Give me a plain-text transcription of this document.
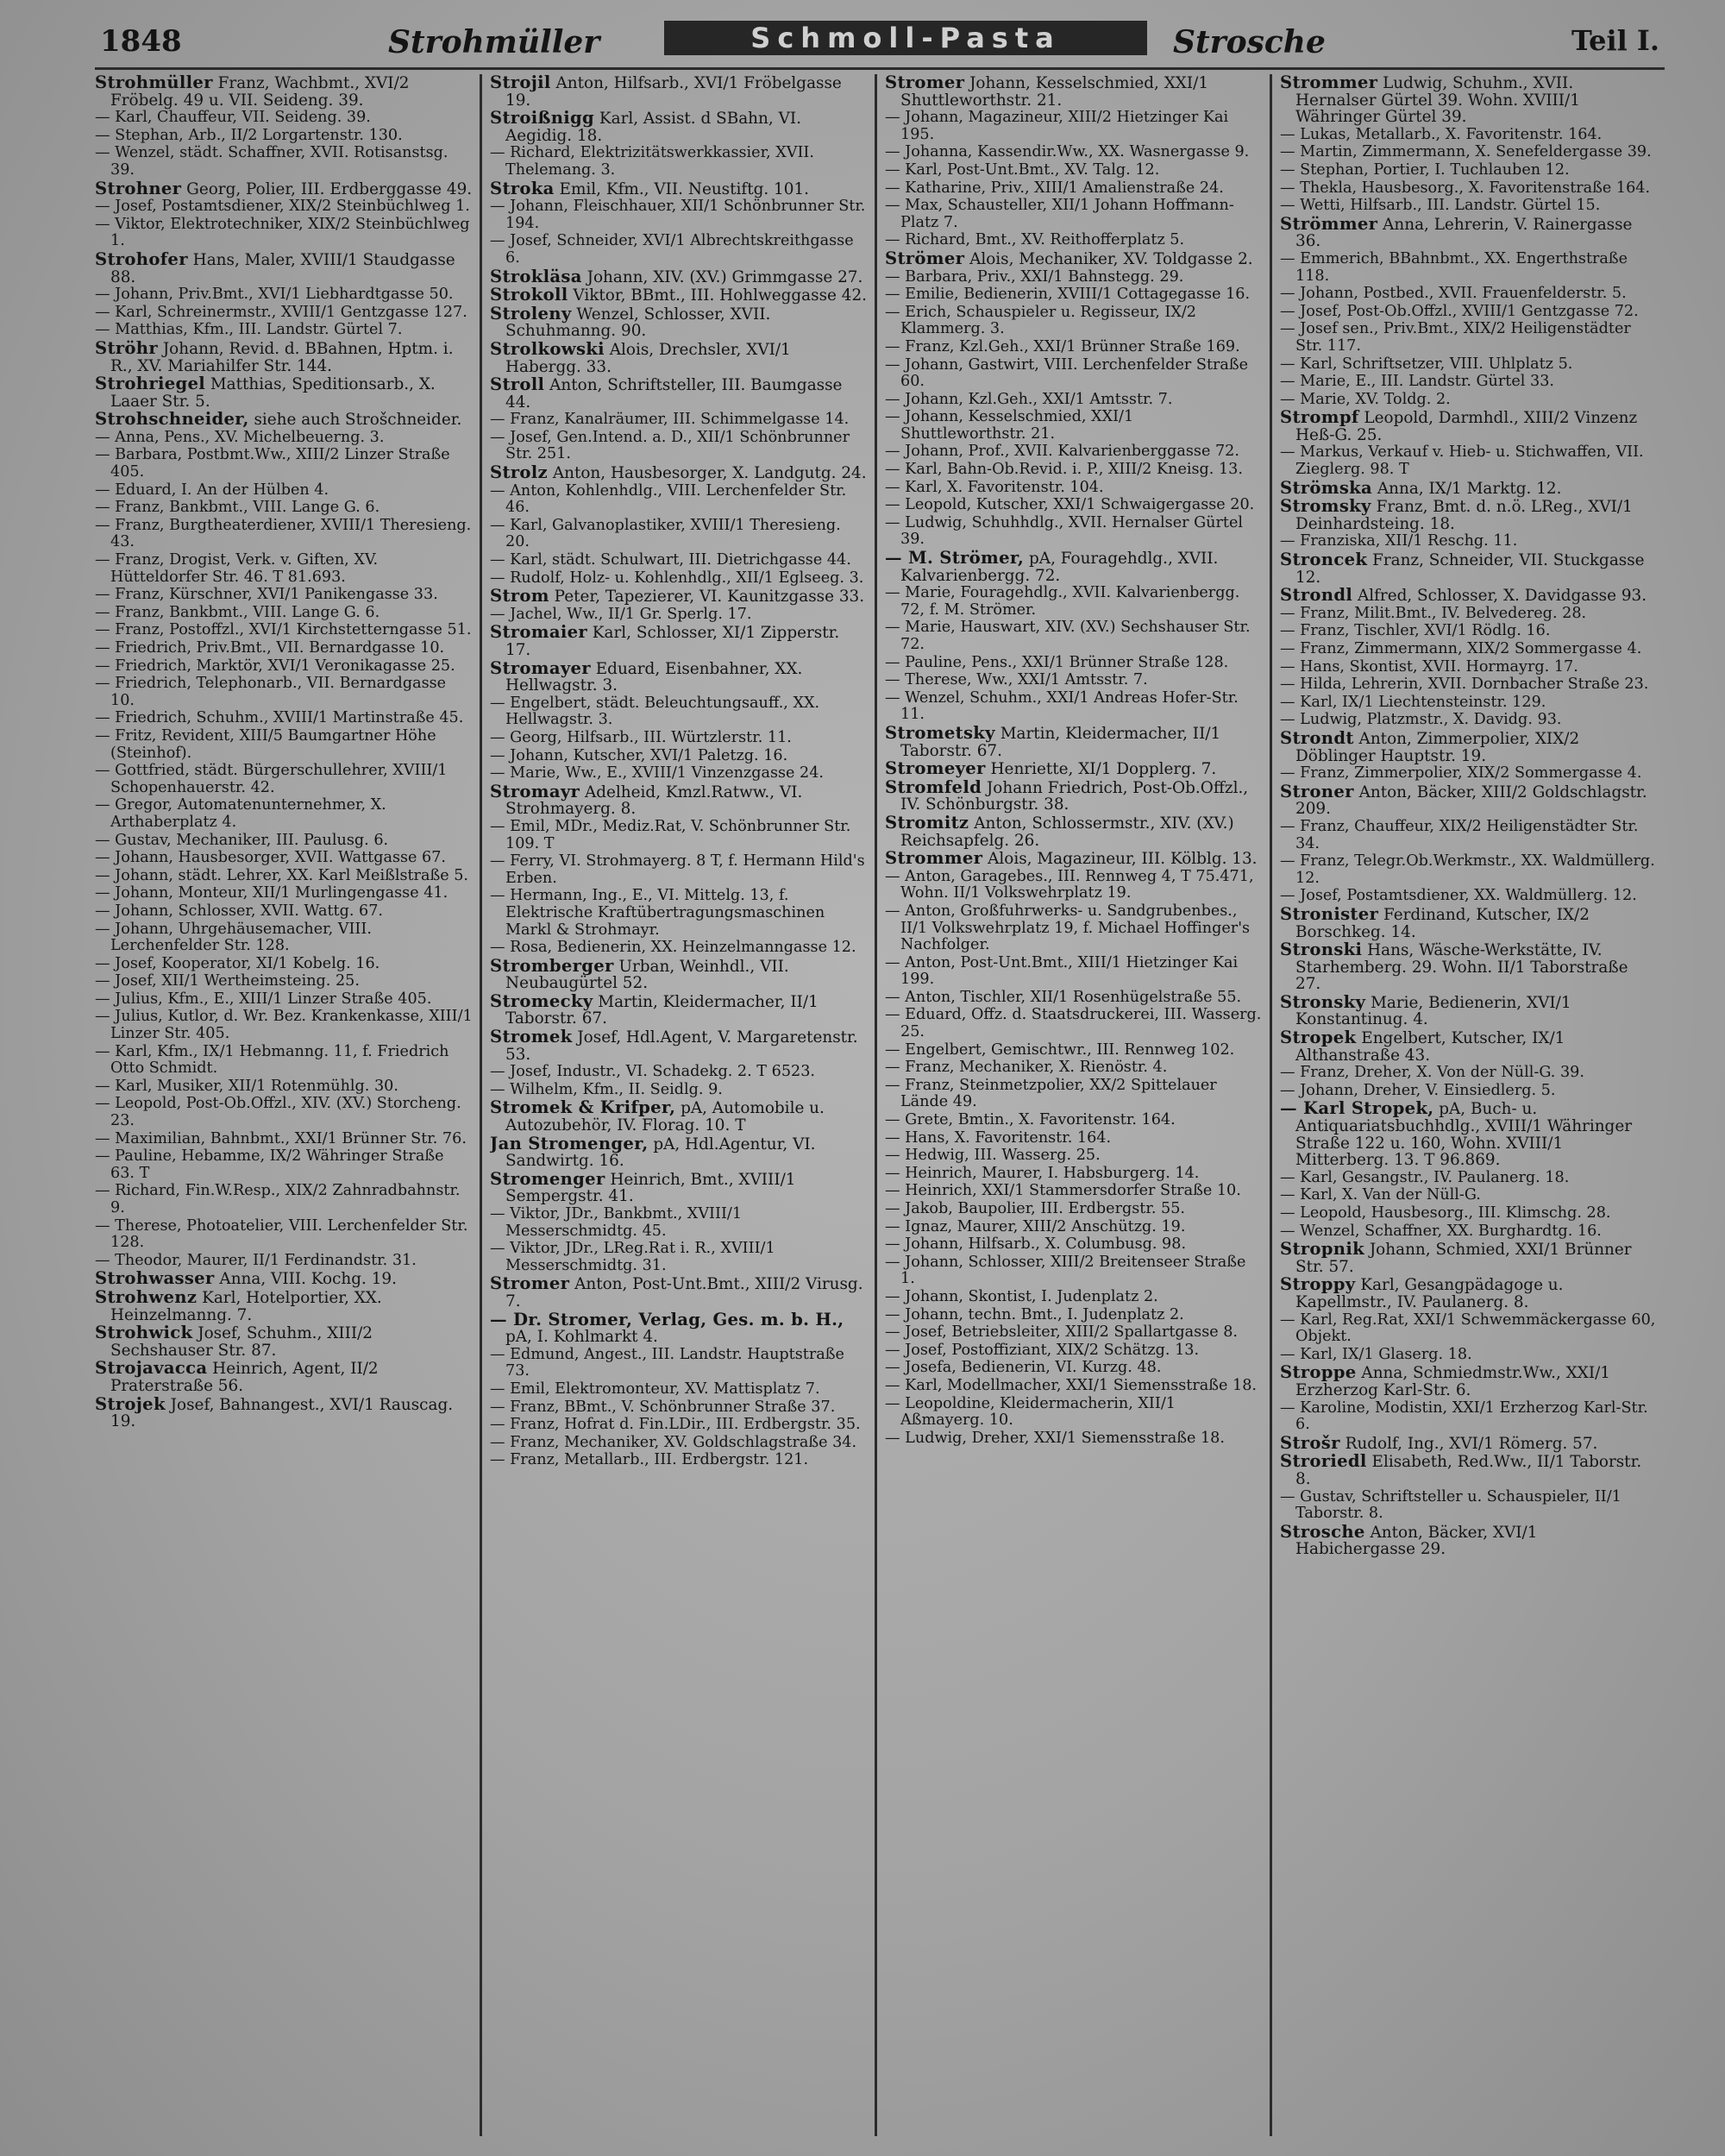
1848	Strohmüller	Schmoll-Pasta	Strosche	Teil I.

Strohmüller Franz, Wachbmt., XVI/2 Fröbelg. 49 u. VII. Seideng. 39.

— Karl, Chauffeur, VII. Seideng. 39.

— Stephan, Arb., II/2 Lorgartenstr. 130.

— Wenzel, städt. Schaffner, XVII. Rotisanstsg. 39.

Strohner Georg, Polier, III. Erdberggasse 49.

— Josef, Postamtsdiener, XIX/2 Steinbüchlweg 1.

— Viktor, Elektrotechniker, XIX/2 Steinbüchlweg 1.

Strohofer Hans, Maler, XVIII/1 Staudgasse 88.

— Johann, Priv.Bmt., XVI/1 Liebhardtgasse 50.

— Karl, Schreinermstr., XVIII/1 Gentzgasse 127.

— Matthias, Kfm., III. Landstr. Gürtel 7.

Ströhr Johann, Revid. d. BBahnen, Hptm. i. R., XV. Mariahilfer Str. 144.

Strohriegel Matthias, Speditionsarb., X. Laaer Str. 5.

Strohschneider, siehe auch Strošchneider.

— Anna, Pens., XV. Michelbeuerng. 3.

— Barbara, Postbmt.Ww., XIII/2 Linzer Straße 405.

— Eduard, I. An der Hülben 4.

— Franz, Bankbmt., VIII. Lange G. 6.

— Franz, Burgtheaterdiener, XVIII/1 Theresieng. 43.

— Franz, Drogist, Verk. v. Giften, XV. Hütteldorfer Str. 46. T 81.693.

— Franz, Kürschner, XVI/1 Panikengasse 33.

— Franz, Bankbmt., VIII. Lange G. 6.

— Franz, Postoffzl., XVI/1 Kirchstetterngasse 51.

— Friedrich, Priv.Bmt., VII. Bernardgasse 10.

— Friedrich, Marktör, XVI/1 Veronikagasse 25.

— Friedrich, Telephonarb., VII. Bernardgasse 10.

— Friedrich, Schuhm., XVIII/1 Martinstraße 45.

— Fritz, Revident, XIII/5 Baumgartner Höhe (Steinhof).

— Gottfried, städt. Bürgerschullehrer, XVIII/1 Schopenhauerstr. 42.

— Gregor, Automatenunternehmer, X. Arthaberplatz 4.

— Gustav, Mechaniker, III. Paulusg. 6.

— Johann, Hausbesorger, XVII. Wattgasse 67.

— Johann, städt. Lehrer, XX. Karl Meißlstraße 5.

— Johann, Monteur, XII/1 Murlingengasse 41.

— Johann, Schlosser, XVII. Wattg. 67.

— Johann, Uhrgehäusemacher, VIII. Lerchenfelder Str. 128.

— Josef, Kooperator, XI/1 Kobelg. 16.

— Josef, XII/1 Wertheimsteing. 25.

— Julius, Kfm., E., XIII/1 Linzer Straße 405.

— Julius, Kutlor, d. Wr. Bez. Krankenkasse, XIII/1 Linzer Str. 405.

— Karl, Kfm., IX/1 Hebmanng. 11, f. Friedrich Otto Schmidt.

— Karl, Musiker, XII/1 Rotenmühlg. 30.

— Leopold, Post-Ob.Offzl., XIV. (XV.) Storcheng. 23.

— Maximilian, Bahnbmt., XXI/1 Brünner Str. 76.

— Pauline, Hebamme, IX/2 Währinger Straße 63. T

— Richard, Fin.W.Resp., XIX/2 Zahnradbahnstr. 9.

— Therese, Photoatelier, VIII. Lerchenfelder Str. 128.

— Theodor, Maurer, II/1 Ferdinandstr. 31.

Strohwasser Anna, VIII. Kochg. 19.

Strohwenz Karl, Hotelportier, XX. Heinzelmanng. 7.

Strohwick Josef, Schuhm., XIII/2 Sechshauser Str. 87.

Strojavacca Heinrich, Agent, II/2 Praterstraße 56.

Strojek Josef, Bahnangest., XVI/1 Rauscag. 19.

Strojil Anton, Hilfsarb., XVI/1 Fröbelgasse 19.

Stroißnigg Karl, Assist. d SBahn, VI. Aegidig. 18.

— Richard, Elektrizitätswerkkassier, XVII. Thelemang. 3.

Stroka Emil, Kfm., VII. Neustiftg. 101.

— Johann, Fleischhauer, XII/1 Schönbrunner Str. 194.

— Josef, Schneider, XVI/1 Albrechtskreithgasse 6.

Strokläsa Johann, XIV. (XV.) Grimmgasse 27.

Strokoll Viktor, BBmt., III. Hohlweggasse 42.

Stroleny Wenzel, Schlosser, XVII. Schuhmanng. 90.

Strolkowski Alois, Drechsler, XVI/1 Habergg. 33.

Stroll Anton, Schriftsteller, III. Baumgasse 44.

— Franz, Kanalräumer, III. Schimmelgasse 14.

— Josef, Gen.Intend. a. D., XII/1 Schönbrunner Str. 251.

Strolz Anton, Hausbesorger, X. Landgutg. 24.

— Anton, Kohlenhdlg., VIII. Lerchenfelder Str. 46.

— Karl, Galvanoplastiker, XVIII/1 Theresieng. 20.

— Karl, städt. Schulwart, III. Dietrichgasse 44.

— Rudolf, Holz- u. Kohlenhdlg., XII/1 Eglseeg. 3.

Strom Peter, Tapezierer, VI. Kaunitzgasse 33.

— Jachel, Ww., II/1 Gr. Sperlg. 17.

Stromaier Karl, Schlosser, XI/1 Zipperstr. 17.

Stromayer Eduard, Eisenbahner, XX. Hellwagstr. 3.

— Engelbert, städt. Beleuchtungsauff., XX. Hellwagstr. 3.

— Georg, Hilfsarb., III. Würtzlerstr. 11.

— Johann, Kutscher, XVI/1 Paletzg. 16.

— Marie, Ww., E., XVIII/1 Vinzenzgasse 24.

Stromayr Adelheid, Kmzl.Ratww., VI. Strohmayerg. 8.

— Emil, MDr., Mediz.Rat, V. Schönbrunner Str. 109. T

— Ferry, VI. Strohmayerg. 8 T, f. Hermann Hild's Erben.

— Hermann, Ing., E., VI. Mittelg. 13, f. Elektrische Kraftübertragungsmaschinen Markl & Strohmayr.

— Rosa, Bedienerin, XX. Heinzelmanngasse 12.

Stromberger Urban, Weinhdl., VII. Neubaugürtel 52.

Stromecky Martin, Kleidermacher, II/1 Taborstr. 67.

Stromek Josef, Hdl.Agent, V. Margaretenstr. 53.

— Josef, Industr., VI. Schadekg. 2. T 6523.

— Wilhelm, Kfm., II. Seidlg. 9.

Stromek & Krifper, pA, Automobile u. Autozubehör, IV. Florag. 10. T

Jan Stromenger, pA, Hdl.Agentur, VI. Sandwirtg. 16.

Stromenger Heinrich, Bmt., XVIII/1 Sempergstr. 41.

— Viktor, JDr., Bankbmt., XVIII/1 Messerschmidtg. 45.

— Viktor, JDr., LReg.Rat i. R., XVIII/1 Messerschmidtg. 31.

Stromer Anton, Post-Unt.Bmt., XIII/2 Virusg. 7.

— Dr. Stromer, Verlag, Ges. m. b. H., pA, I. Kohlmarkt 4.

— Edmund, Angest., III. Landstr. Hauptstraße 73.

— Emil, Elektromonteur, XV. Mattisplatz 7.

— Franz, BBmt., V. Schönbrunner Straße 37.

— Franz, Hofrat d. Fin.LDir., III. Erdbergstr. 35.

— Franz, Mechaniker, XV. Goldschlagstraße 34.

— Franz, Metallarb., III. Erdbergstr. 121.

Stromer Johann, Kesselschmied, XXI/1 Shuttleworthstr. 21.

— Johann, Magazineur, XIII/2 Hietzinger Kai 195.

— Johanna, Kassendir.Ww., XX. Wasnergasse 9.

— Karl, Post-Unt.Bmt., XV. Talg. 12.

— Katharine, Priv., XIII/1 Amalienstraße 24.

— Max, Schausteller, XII/1 Johann Hoffmann-Platz 7.

— Richard, Bmt., XV. Reithofferplatz 5.

Strömer Alois, Mechaniker, XV. Toldgasse 2.

— Barbara, Priv., XXI/1 Bahnstegg. 29.

— Emilie, Bedienerin, XVIII/1 Cottagegasse 16.

— Erich, Schauspieler u. Regisseur, IX/2 Klammerg. 3.

— Franz, Kzl.Geh., XXI/1 Brünner Straße 169.

— Johann, Gastwirt, VIII. Lerchenfelder Straße 60.

— Johann, Kzl.Geh., XXI/1 Amtsstr. 7.

— Johann, Kesselschmied, XXI/1 Shuttleworthstr. 21.

— Johann, Prof., XVII. Kalvarienberggasse 72.

— Karl, Bahn-Ob.Revid. i. P., XIII/2 Kneisg. 13.

— Karl, X. Favoritenstr. 104.

— Leopold, Kutscher, XXI/1 Schwaigergasse 20.

— Ludwig, Schuhhdlg., XVII. Hernalser Gürtel 39.

— M. Strömer, pA, Fouragehdlg., XVII. Kalvarienbergg. 72.

— Marie, Fouragehdlg., XVII. Kalvarienbergg. 72, f. M. Strömer.

— Marie, Hauswart, XIV. (XV.) Sechshauser Str. 72.

— Pauline, Pens., XXI/1 Brünner Straße 128.

— Therese, Ww., XXI/1 Amtsstr. 7.

— Wenzel, Schuhm., XXI/1 Andreas Hofer-Str. 11.

Strometsky Martin, Kleidermacher, II/1 Taborstr. 67.

Stromeyer Henriette, XI/1 Dopplerg. 7.

Stromfeld Johann Friedrich, Post-Ob.Offzl., IV. Schönburgstr. 38.

Stromitz Anton, Schlossermstr., XIV. (XV.) Reichsapfelg. 26.

Strommer Alois, Magazineur, III. Kölblg. 13.

— Anton, Garagebes., III. Rennweg 4, T 75.471, Wohn. II/1 Volkswehrplatz 19.

— Anton, Großfuhrwerks- u. Sandgrubenbes., II/1 Volkswehrplatz 19, f. Michael Hoffinger's Nachfolger.

— Anton, Post-Unt.Bmt., XIII/1 Hietzinger Kai 199.

— Anton, Tischler, XII/1 Rosenhügelstraße 55.

— Eduard, Offz. d. Staatsdruckerei, III. Wasserg. 25.

— Engelbert, Gemischtwr., III. Rennweg 102.

— Franz, Mechaniker, X. Rienöstr. 4.

— Franz, Steinmetzpolier, XX/2 Spittelauer Lände 49.

— Grete, Bmtin., X. Favoritenstr. 164.

— Hans, X. Favoritenstr. 164.

— Hedwig, III. Wasserg. 25.

— Heinrich, Maurer, I. Habsburgerg. 14.

— Heinrich, XXI/1 Stammersdorfer Straße 10.

— Jakob, Baupolier, III. Erdbergstr. 55.

— Ignaz, Maurer, XIII/2 Anschützg. 19.

— Johann, Hilfsarb., X. Columbusg. 98.

— Johann, Schlosser, XIII/2 Breitenseer Straße 1.

— Johann, Skontist, I. Judenplatz 2.

— Johann, techn. Bmt., I. Judenplatz 2.

— Josef, Betriebsleiter, XIII/2 Spallartgasse 8.

— Josef, Postoffiziant, XIX/2 Schätzg. 13.

— Josefa, Bedienerin, VI. Kurzg. 48.

— Karl, Modellmacher, XXI/1 Siemensstraße 18.

— Leopoldine, Kleidermacherin, XII/1 Aßmayerg. 10.

— Ludwig, Dreher, XXI/1 Siemensstraße 18.

Strommer Ludwig, Schuhm., XVII. Hernalser Gürtel 39. Wohn. XVIII/1 Währinger Gürtel 39.

— Lukas, Metallarb., X. Favoritenstr. 164.

— Martin, Zimmermann, X. Senefeldergasse 39.

— Stephan, Portier, I. Tuchlauben 12.

— Thekla, Hausbesorg., X. Favoritenstraße 164.

— Wetti, Hilfsarb., III. Landstr. Gürtel 15.

Strömmer Anna, Lehrerin, V. Rainergasse 36.

— Emmerich, BBahnbmt., XX. Engerthstraße 118.

— Johann, Postbed., XVII. Frauenfelderstr. 5.

— Josef, Post-Ob.Offzl., XVIII/1 Gentzgasse 72.

— Josef sen., Priv.Bmt., XIX/2 Heiligenstädter Str. 117.

— Karl, Schriftsetzer, VIII. Uhlplatz 5.

— Marie, E., III. Landstr. Gürtel 33.

— Marie, XV. Toldg. 2.

Strompf Leopold, Darmhdl., XIII/2 Vinzenz Heß-G. 25.

— Markus, Verkauf v. Hieb- u. Stichwaffen, VII. Zieglerg. 98. T

Strömska Anna, IX/1 Marktg. 12.

Stromsky Franz, Bmt. d. n.ö. LReg., XVI/1 Deinhardsteing. 18.

— Franziska, XII/1 Reschg. 11.

Stroncek Franz, Schneider, VII. Stuckgasse 12.

Strondl Alfred, Schlosser, X. Davidgasse 93.

— Franz, Milit.Bmt., IV. Belvedereg. 28.

— Franz, Tischler, XVI/1 Rödlg. 16.

— Franz, Zimmermann, XIX/2 Sommergasse 4.

— Hans, Skontist, XVII. Hormayrg. 17.

— Hilda, Lehrerin, XVII. Dornbacher Straße 23.

— Karl, IX/1 Liechtensteinstr. 129.

— Ludwig, Platzmstr., X. Davidg. 93.

Strondt Anton, Zimmerpolier, XIX/2 Döblinger Hauptstr. 19.

— Franz, Zimmerpolier, XIX/2 Sommergasse 4.

Stroner Anton, Bäcker, XIII/2 Goldschlagstr. 209.

— Franz, Chauffeur, XIX/2 Heiligenstädter Str. 34.

— Franz, Telegr.Ob.Werkmstr., XX. Waldmüllerg. 12.

— Josef, Postamtsdiener, XX. Waldmüllerg. 12.

Stronister Ferdinand, Kutscher, IX/2 Borschkeg. 14.

Stronski Hans, Wäsche-Werkstätte, IV. Starhemberg. 29. Wohn. II/1 Taborstraße 27.

Stronsky Marie, Bedienerin, XVI/1 Konstantinug. 4.

Stropek Engelbert, Kutscher, IX/1 Althanstraße 43.

— Franz, Dreher, X. Von der Nüll-G. 39.

— Johann, Dreher, V. Einsiedlerg. 5.

— Karl Stropek, pA, Buch- u. Antiquariatsbuchhdlg., XVIII/1 Währinger Straße 122 u. 160, Wohn. XVIII/1 Mitterberg. 13. T 96.869.

— Karl, Gesangstr., IV. Paulanerg. 18.

— Karl, X. Van der Nüll-G.

— Leopold, Hausbesorg., III. Klimschg. 28.

— Wenzel, Schaffner, XX. Burghardtg. 16.

Stropnik Johann, Schmied, XXI/1 Brünner Str. 57.

Stroppy Karl, Gesangpädagoge u. Kapellmstr., IV. Paulanerg. 8.

— Karl, Reg.Rat, XXI/1 Schwemmäckergasse 60, Objekt.

— Karl, IX/1 Glaserg. 18.

Stroppe Anna, Schmiedmstr.Ww., XXI/1 Erzherzog Karl-Str. 6.

— Karoline, Modistin, XXI/1 Erzherzog Karl-Str. 6.

Strošr Rudolf, Ing., XVI/1 Römerg. 57.

Stroriedl Elisabeth, Red.Ww., II/1 Taborstr. 8.

— Gustav, Schriftsteller u. Schauspieler, II/1 Taborstr. 8.

Strosche Anton, Bäcker, XVI/1 Habichergasse 29.
